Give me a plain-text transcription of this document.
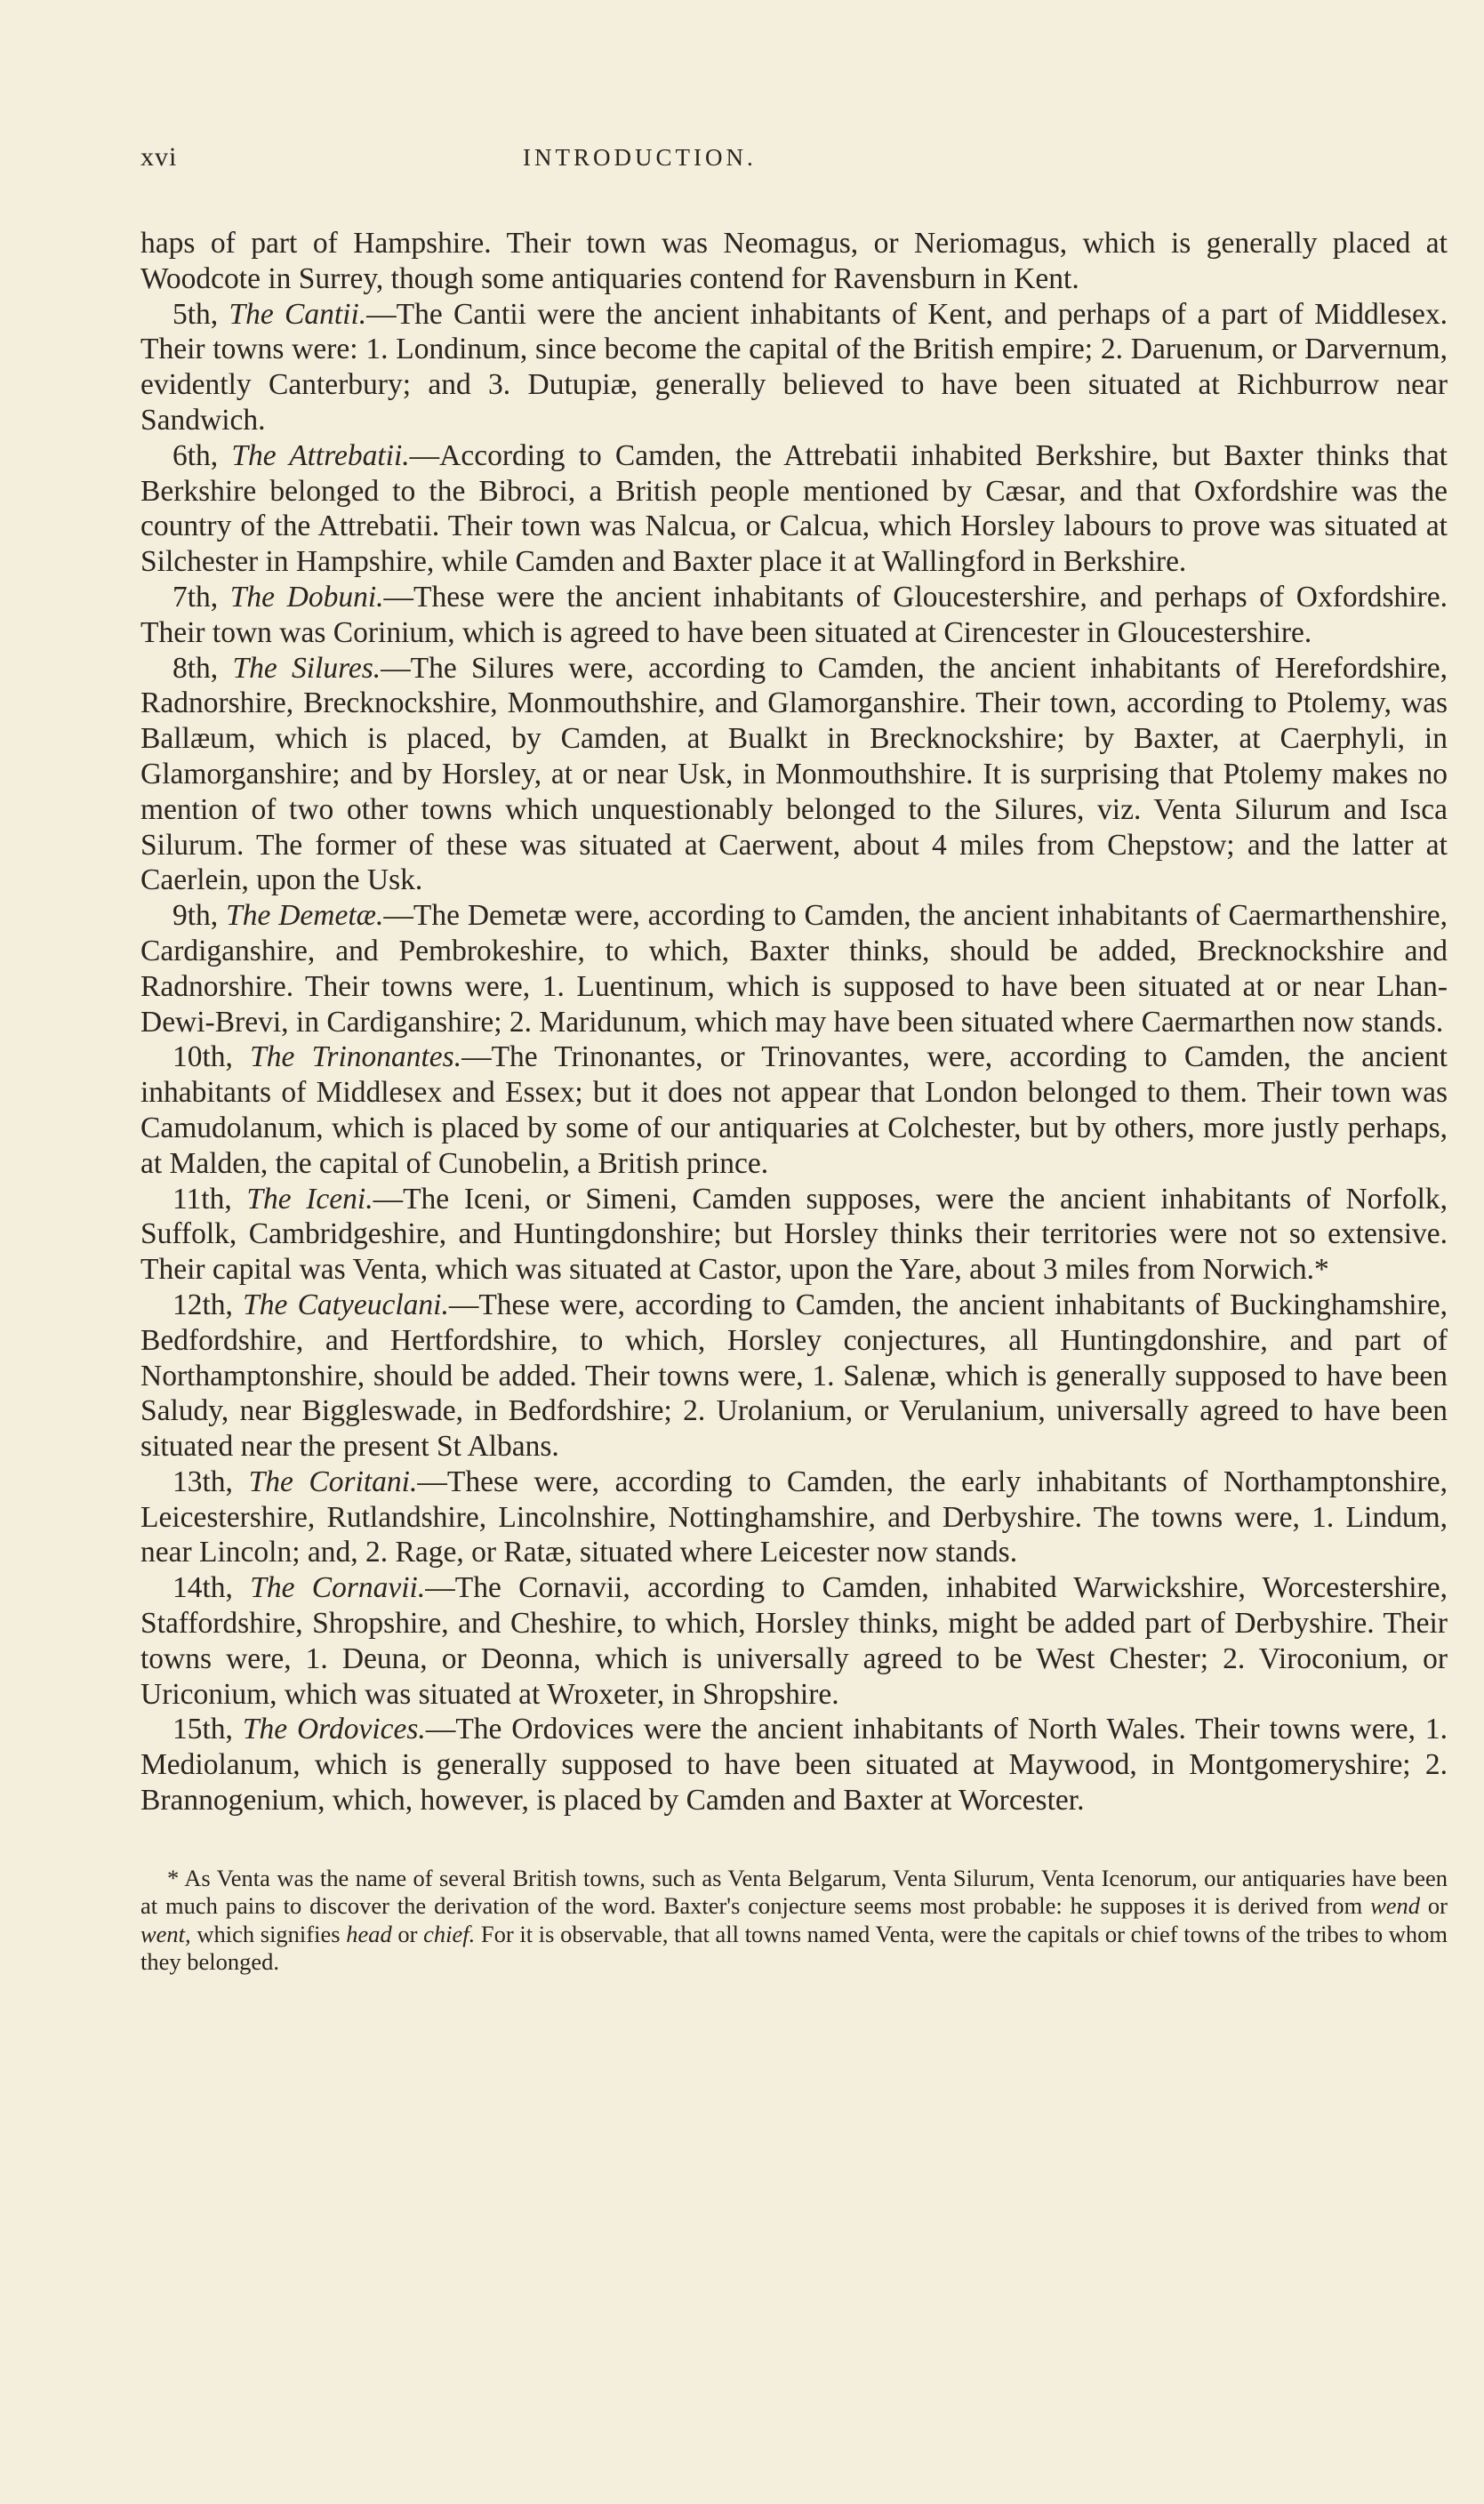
xvi	INTRODUCTION.

haps of part of Hampshire. Their town was Neomagus, or Neriomagus, which is generally placed at Woodcote in Surrey, though some antiquaries contend for Ravensburn in Kent.

5th, The Cantii.—The Cantii were the ancient inhabitants of Kent, and perhaps of a part of Middlesex. Their towns were: 1. Londinum, since become the capital of the British empire; 2. Daruenum, or Darvernum, evidently Canterbury; and 3. Dutupiæ, generally believed to have been situated at Richburrow near Sandwich.

6th, The Attrebatii.—According to Camden, the Attrebatii inhabited Berkshire, but Baxter thinks that Berkshire belonged to the Bibroci, a British people mentioned by Cæsar, and that Oxfordshire was the country of the Attrebatii. Their town was Nalcua, or Calcua, which Horsley labours to prove was situated at Silchester in Hampshire, while Camden and Baxter place it at Wallingford in Berkshire.

7th, The Dobuni.—These were the ancient inhabitants of Gloucestershire, and perhaps of Oxfordshire. Their town was Corinium, which is agreed to have been situated at Cirencester in Gloucestershire.

8th, The Silures.—The Silures were, according to Camden, the ancient inhabitants of Herefordshire, Radnorshire, Brecknockshire, Monmouthshire, and Glamorganshire. Their town, according to Ptolemy, was Ballæum, which is placed, by Camden, at Bualkt in Brecknockshire; by Baxter, at Caerphyli, in Glamorganshire; and by Horsley, at or near Usk, in Monmouthshire. It is surprising that Ptolemy makes no mention of two other towns which unquestionably belonged to the Silures, viz. Venta Silurum and Isca Silurum. The former of these was situated at Caerwent, about 4 miles from Chepstow; and the latter at Caerlein, upon the Usk.

9th, The Demetæ.—The Demetæ were, according to Camden, the ancient inhabitants of Caermarthenshire, Cardiganshire, and Pembrokeshire, to which, Baxter thinks, should be added, Brecknockshire and Radnorshire. Their towns were, 1. Luentinum, which is supposed to have been situated at or near Lhan-Dewi-Brevi, in Cardiganshire; 2. Maridunum, which may have been situated where Caermarthen now stands.

10th, The Trinonantes.—The Trinonantes, or Trinovantes, were, according to Camden, the ancient inhabitants of Middlesex and Essex; but it does not appear that London belonged to them. Their town was Camudolanum, which is placed by some of our antiquaries at Colchester, but by others, more justly perhaps, at Malden, the capital of Cunobelin, a British prince.

11th, The Iceni.—The Iceni, or Simeni, Camden supposes, were the ancient inhabitants of Norfolk, Suffolk, Cambridgeshire, and Huntingdonshire; but Horsley thinks their territories were not so extensive. Their capital was Venta, which was situated at Castor, upon the Yare, about 3 miles from Norwich.*

12th, The Catyeuclani.—These were, according to Camden, the ancient inhabitants of Buckinghamshire, Bedfordshire, and Hertfordshire, to which, Horsley conjectures, all Huntingdonshire, and part of Northamptonshire, should be added. Their towns were, 1. Salenæ, which is generally supposed to have been Saludy, near Biggleswade, in Bedfordshire; 2. Urolanium, or Verulanium, universally agreed to have been situated near the present St Albans.

13th, The Coritani.—These were, according to Camden, the early inhabitants of Northamptonshire, Leicestershire, Rutlandshire, Lincolnshire, Nottinghamshire, and Derbyshire. The towns were, 1. Lindum, near Lincoln; and, 2. Rage, or Ratæ, situated where Leicester now stands.

14th, The Cornavii.—The Cornavii, according to Camden, inhabited Warwickshire, Worcestershire, Staffordshire, Shropshire, and Cheshire, to which, Horsley thinks, might be added part of Derbyshire. Their towns were, 1. Deuna, or Deonna, which is universally agreed to be West Chester; 2. Viroconium, or Uriconium, which was situated at Wroxeter, in Shropshire.

15th, The Ordovices.—The Ordovices were the ancient inhabitants of North Wales. Their towns were, 1. Mediolanum, which is generally supposed to have been situated at Maywood, in Montgomeryshire; 2. Brannogenium, which, however, is placed by Camden and Baxter at Worcester.

* As Venta was the name of several British towns, such as Venta Belgarum, Venta Silurum, Venta Icenorum, our antiquaries have been at much pains to discover the derivation of the word. Baxter's conjecture seems most probable: he supposes it is derived from wend or went, which signifies head or chief. For it is observable, that all towns named Venta, were the capitals or chief towns of the tribes to whom they belonged.
